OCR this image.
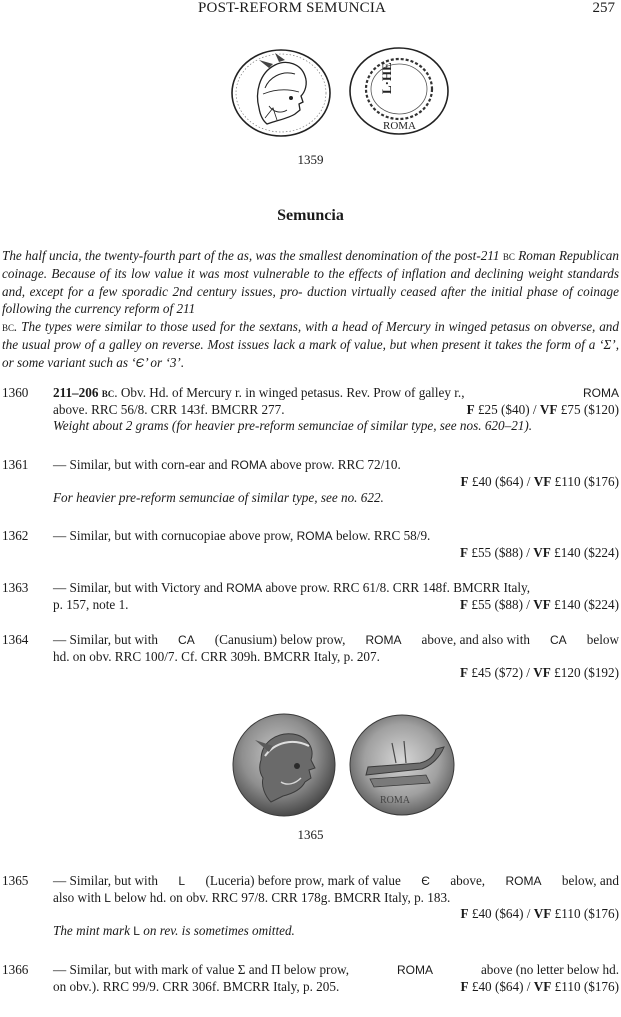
POST-REFORM SEMUNCIA	257
L·HE
ROMA
1359
Semuncia

The half uncia, the twenty-fourth part of the as, was the smallest denomination of the post-211 bc Roman Republican coinage. Because of its low value it was most vulnerable to the effects of inflation and declining weight standards and, except for a few sporadic 2nd century issues, pro- duction virtually ceased after the initial phase of coinage following the currency reform of 211
bc. The types were similar to those used for the sextans, with a head of Mercury in winged petasus on obverse, and the usual prow of a galley on reverse. Most issues lack a mark of value, but when present it takes the form of a ‘Σ’, or some variant such as ‘Є’ or ‘3’.

1360 211–206 bc. Obv. Hd. of Mercury r. in winged petasus. Rev. Prow of galley r.,	ROMA
above. RRC 56/8. CRR 143f. BMCRR 277.	F £25 ($40) / VF £75 ($120)
Weight about 2 grams (for heavier pre-reform semunciae of similar type, see nos. 620–21).
1361 — Similar, but with corn-ear and
ROMA
above prow. RRC 72/10.
F £40 ($64) / VF £110 ($176)
For heavier pre-reform semunciae of similar type, see no. 622.
1362 — Similar, but with cornucopiae above prow,
ROMA
below. RRC 58/9.
F £55 ($88) / VF £140 ($224)
1363 — Similar, but with Victory and
ROMA
above prow. RRC 61/8. CRR 148f. BMCRR Italy,
p. 157, note 1.	F £55 ($88) / VF £140 ($224)
1364 — Similar, but with CA (Canusium) below prow, ROMA above, and also with CA below
hd. on obv. RRC 100/7. Cf. CRR 309h. BMCRR Italy, p. 207.
F £45 ($72) / VF £120 ($192)
ROMA
1365
1365 — Similar, but with L (Luceria) before prow, mark of value Є above, ROMA below, and
also with
L
below hd. on obv. RRC 97/8. CRR 178g. BMCRR Italy, p. 183.
F £40 ($64) / VF £110 ($176)
The mint mark
L
on rev. is sometimes omitted.
1366 — Similar, but with mark of value Σ and Π below prow,	ROMA	above (no letter below hd.
on obv.). RRC 99/9. CRR 306f. BMCRR Italy, p. 205.	F £40 ($64) / VF £110 ($176)
